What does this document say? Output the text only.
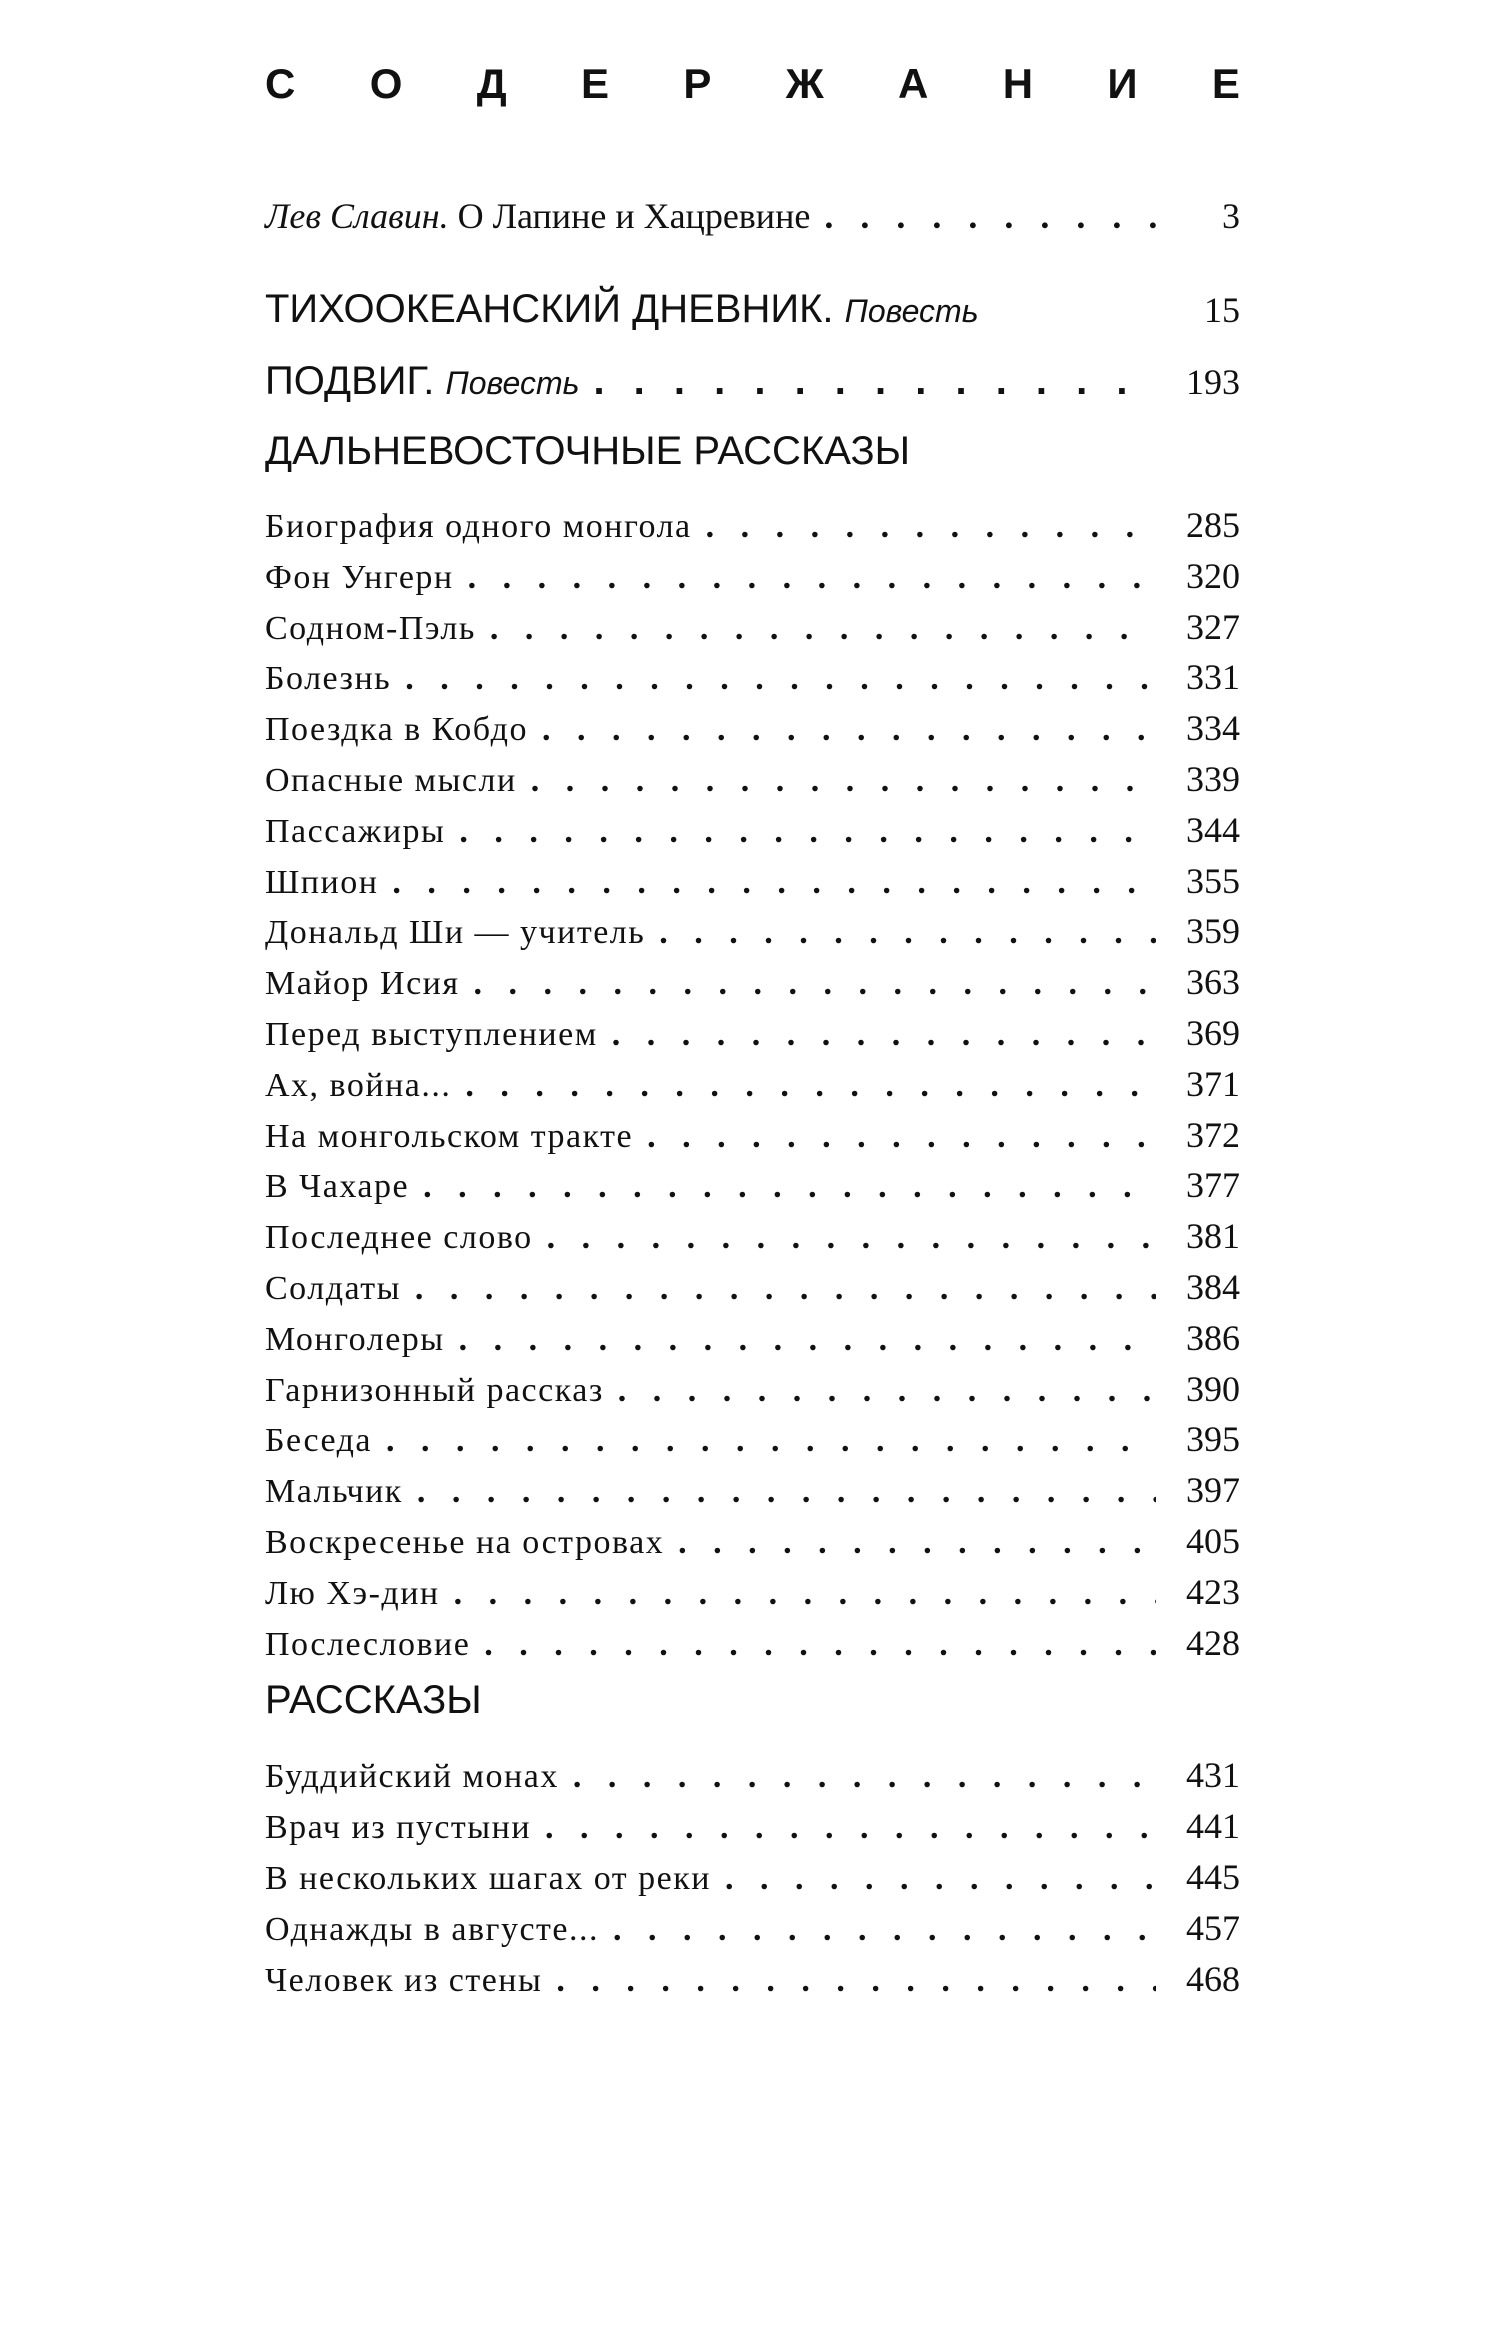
С О Д Е Р Ж А Н И Е
Лев Славин. О Лапине и Хацревине . . .	3
ТИХООКЕАНСКИЙ ДНЕВНИК. Повесть	15
ПОДВИГ. Повесть . . .	193
ДАЛЬНЕВОСТОЧНЫЕ РАССКАЗЫ
Биография одного монгола . . .	285
Фон Унгерн . . .	320
Содном-Пэль . . .	327
Болезнь . . .	331
Поездка в Кобдо . . .	334
Опасные мысли . . .	339
Пассажиры . . .	344
Шпион . . .	355
Дональд Ши — учитель . . .	359
Майор Исия . . .	363
Перед выступлением . . .	369
Ах, война... . . .	371
На монгольском тракте . . .	372
В Чахаре . . .	377
Последнее слово . . .	381
Солдаты . . .	384
Монголеры . . .	386
Гарнизонный рассказ . . .	390
Беседа . . .	395
Мальчик . . .	397
Воскресенье на островах . . .	405
Лю Хэ-дин . . .	423
Послесловие . . .	428
РАССКАЗЫ
Буддийский монах . . .	431
Врач из пустыни . . .	441
В нескольких шагах от реки . . .	445
Однажды в августе... . . .	457
Человек из стены . . .	468
